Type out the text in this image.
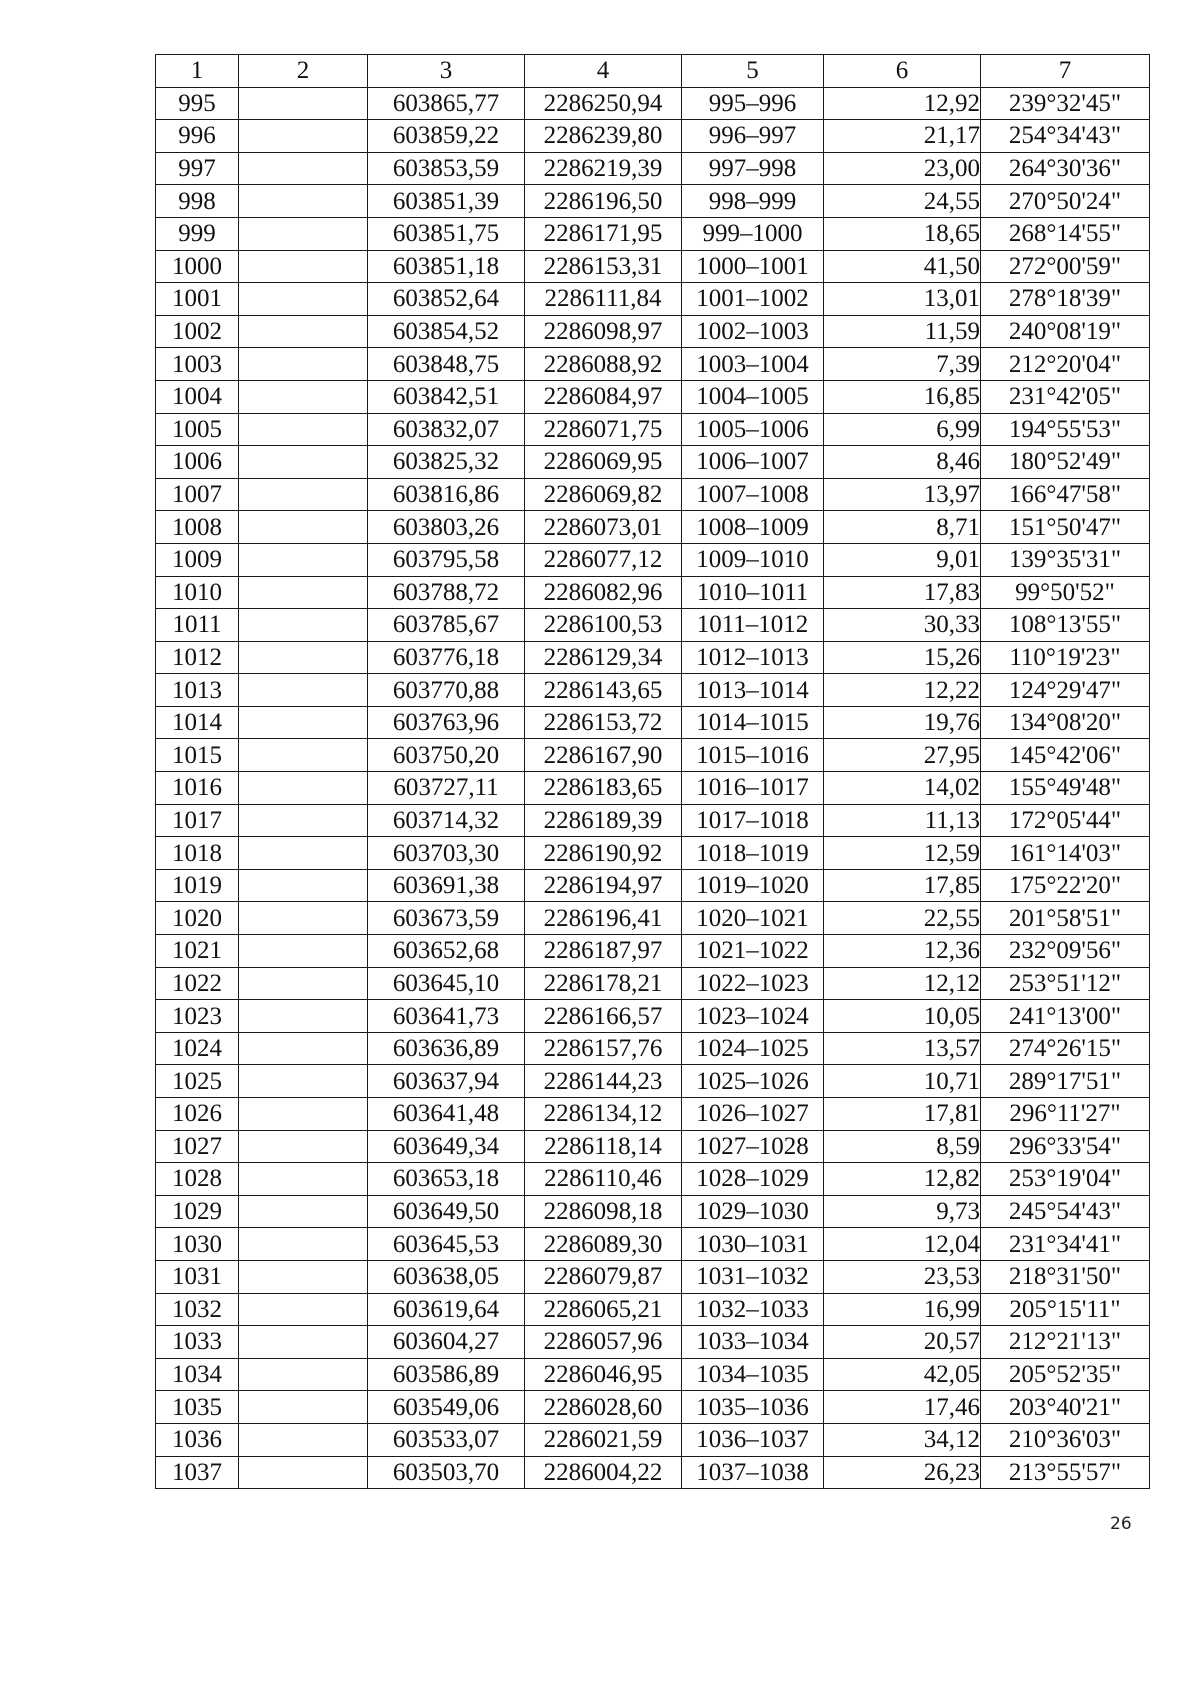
1	2	3	4	5	6	7
995		603865,77	2286250,94	995–996	12,92	239°32'45"
996		603859,22	2286239,80	996–997	21,17	254°34'43"
997		603853,59	2286219,39	997–998	23,00	264°30'36"
998		603851,39	2286196,50	998–999	24,55	270°50'24"
999		603851,75	2286171,95	999–1000	18,65	268°14'55"
1000		603851,18	2286153,31	1000–1001	41,50	272°00'59"
1001		603852,64	2286111,84	1001–1002	13,01	278°18'39"
1002		603854,52	2286098,97	1002–1003	11,59	240°08'19"
1003		603848,75	2286088,92	1003–1004	7,39	212°20'04"
1004		603842,51	2286084,97	1004–1005	16,85	231°42'05"
1005		603832,07	2286071,75	1005–1006	6,99	194°55'53"
1006		603825,32	2286069,95	1006–1007	8,46	180°52'49"
1007		603816,86	2286069,82	1007–1008	13,97	166°47'58"
1008		603803,26	2286073,01	1008–1009	8,71	151°50'47"
1009		603795,58	2286077,12	1009–1010	9,01	139°35'31"
1010		603788,72	2286082,96	1010–1011	17,83	99°50'52"
1011		603785,67	2286100,53	1011–1012	30,33	108°13'55"
1012		603776,18	2286129,34	1012–1013	15,26	110°19'23"
1013		603770,88	2286143,65	1013–1014	12,22	124°29'47"
1014		603763,96	2286153,72	1014–1015	19,76	134°08'20"
1015		603750,20	2286167,90	1015–1016	27,95	145°42'06"
1016		603727,11	2286183,65	1016–1017	14,02	155°49'48"
1017		603714,32	2286189,39	1017–1018	11,13	172°05'44"
1018		603703,30	2286190,92	1018–1019	12,59	161°14'03"
1019		603691,38	2286194,97	1019–1020	17,85	175°22'20"
1020		603673,59	2286196,41	1020–1021	22,55	201°58'51"
1021		603652,68	2286187,97	1021–1022	12,36	232°09'56"
1022		603645,10	2286178,21	1022–1023	12,12	253°51'12"
1023		603641,73	2286166,57	1023–1024	10,05	241°13'00"
1024		603636,89	2286157,76	1024–1025	13,57	274°26'15"
1025		603637,94	2286144,23	1025–1026	10,71	289°17'51"
1026		603641,48	2286134,12	1026–1027	17,81	296°11'27"
1027		603649,34	2286118,14	1027–1028	8,59	296°33'54"
1028		603653,18	2286110,46	1028–1029	12,82	253°19'04"
1029		603649,50	2286098,18	1029–1030	9,73	245°54'43"
1030		603645,53	2286089,30	1030–1031	12,04	231°34'41"
1031		603638,05	2286079,87	1031–1032	23,53	218°31'50"
1032		603619,64	2286065,21	1032–1033	16,99	205°15'11"
1033		603604,27	2286057,96	1033–1034	20,57	212°21'13"
1034		603586,89	2286046,95	1034–1035	42,05	205°52'35"
1035		603549,06	2286028,60	1035–1036	17,46	203°40'21"
1036		603533,07	2286021,59	1036–1037	34,12	210°36'03"
1037		603503,70	2286004,22	1037–1038	26,23	213°55'57"
26
